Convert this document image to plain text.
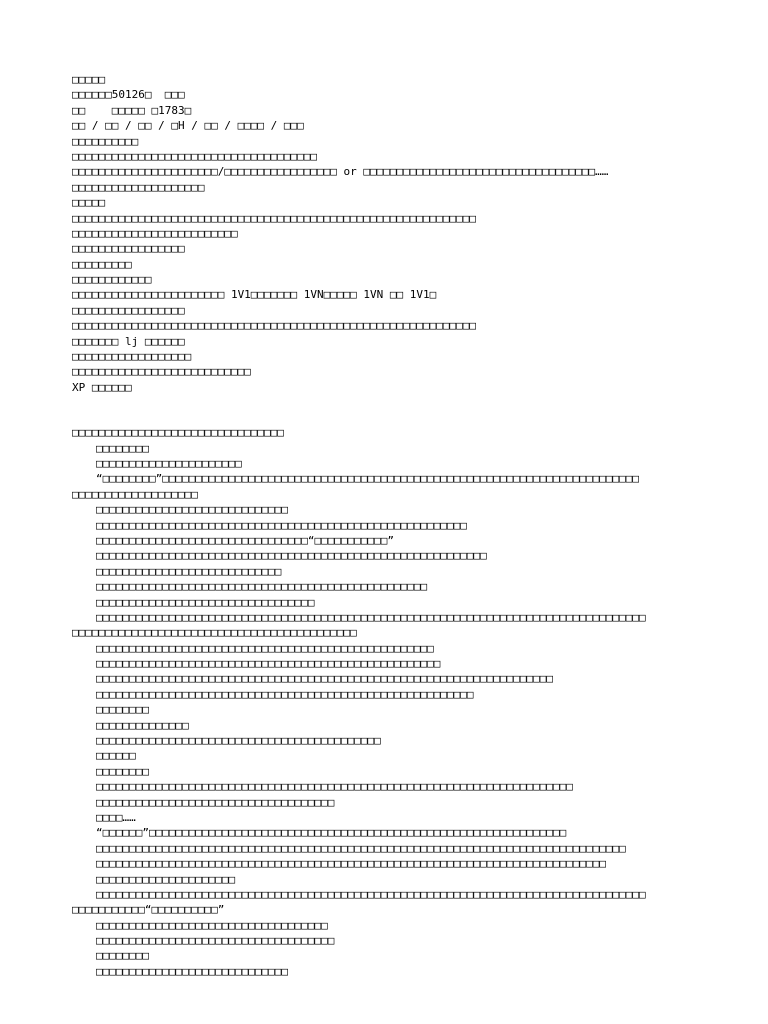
□□□□□
□□□□□□50126□  □□□
□□    □□□□□ □1783□
□□ / □□ / □□ / □H / □□ / □□□□ / □□□
□□□□□□□□□□
□□□□□□□□□□□□□□□□□□□□□□□□□□□□□□□□□□□□□
□□□□□□□□□□□□□□□□□□□□□□/□□□□□□□□□□□□□□□□□ or □□□□□□□□□□□□□□□□□□□□□□□□□□□□□□□□□□□……
□□□□□□□□□□□□□□□□□□□□
□□□□□
□□□□□□□□□□□□□□□□□□□□□□□□□□□□□□□□□□□□□□□□□□□□□□□□□□□□□□□□□□□□□
□□□□□□□□□□□□□□□□□□□□□□□□□
□□□□□□□□□□□□□□□□□
□□□□□□□□□
□□□□□□□□□□□□
□□□□□□□□□□□□□□□□□□□□□□□ 1V1□□□□□□□ 1VN□□□□□ 1VN □□ 1V1□
□□□□□□□□□□□□□□□□□
□□□□□□□□□□□□□□□□□□□□□□□□□□□□□□□□□□□□□□□□□□□□□□□□□□□□□□□□□□□□□
□□□□□□□ lj □□□□□□
□□□□□□□□□□□□□□□□□□
□□□□□□□□□□□□□□□□□□□□□□□□□□□
XP □□□□□□
□□□□□□□□□□□□□□□□□□□□□□□□□□□□□□□□
□□□□□□□□
□□□□□□□□□□□□□□□□□□□□□□
“□□□□□□□□”□□□□□□□□□□□□□□□□□□□□□□□□□□□□□□□□□□□□□□□□□□□□□□□□□□□□□□□□□□□□□□□□□□□□□□□□
□□□□□□□□□□□□□□□□□□□
□□□□□□□□□□□□□□□□□□□□□□□□□□□□□
□□□□□□□□□□□□□□□□□□□□□□□□□□□□□□□□□□□□□□□□□□□□□□□□□□□□□□□□
□□□□□□□□□□□□□□□□□□□□□□□□□□□□□□□□“□□□□□□□□□□□”
□□□□□□□□□□□□□□□□□□□□□□□□□□□□□□□□□□□□□□□□□□□□□□□□□□□□□□□□□□□
□□□□□□□□□□□□□□□□□□□□□□□□□□□□
□□□□□□□□□□□□□□□□□□□□□□□□□□□□□□□□□□□□□□□□□□□□□□□□□□
□□□□□□□□□□□□□□□□□□□□□□□□□□□□□□□□□
□□□□□□□□□□□□□□□□□□□□□□□□□□□□□□□□□□□□□□□□□□□□□□□□□□□□□□□□□□□□□□□□□□□□□□□□□□□□□□□□□□□
□□□□□□□□□□□□□□□□□□□□□□□□□□□□□□□□□□□□□□□□□□□
□□□□□□□□□□□□□□□□□□□□□□□□□□□□□□□□□□□□□□□□□□□□□□□□□□□
□□□□□□□□□□□□□□□□□□□□□□□□□□□□□□□□□□□□□□□□□□□□□□□□□□□□
□□□□□□□□□□□□□□□□□□□□□□□□□□□□□□□□□□□□□□□□□□□□□□□□□□□□□□□□□□□□□□□□□□□□□
□□□□□□□□□□□□□□□□□□□□□□□□□□□□□□□□□□□□□□□□□□□□□□□□□□□□□□□□□
□□□□□□□□
□□□□□□□□□□□□□□
□□□□□□□□□□□□□□□□□□□□□□□□□□□□□□□□□□□□□□□□□□□
□□□□□□
□□□□□□□□
□□□□□□□□□□□□□□□□□□□□□□□□□□□□□□□□□□□□□□□□□□□□□□□□□□□□□□□□□□□□□□□□□□□□□□□□
□□□□□□□□□□□□□□□□□□□□□□□□□□□□□□□□□□□□
□□□□……
“□□□□□□”□□□□□□□□□□□□□□□□□□□□□□□□□□□□□□□□□□□□□□□□□□□□□□□□□□□□□□□□□□□□□□□
□□□□□□□□□□□□□□□□□□□□□□□□□□□□□□□□□□□□□□□□□□□□□□□□□□□□□□□□□□□□□□□□□□□□□□□□□□□□□□□□
□□□□□□□□□□□□□□□□□□□□□□□□□□□□□□□□□□□□□□□□□□□□□□□□□□□□□□□□□□□□□□□□□□□□□□□□□□□□□
□□□□□□□□□□□□□□□□□□□□□
□□□□□□□□□□□□□□□□□□□□□□□□□□□□□□□□□□□□□□□□□□□□□□□□□□□□□□□□□□□□□□□□□□□□□□□□□□□□□□□□□□□
□□□□□□□□□□□“□□□□□□□□□□”
□□□□□□□□□□□□□□□□□□□□□□□□□□□□□□□□□□□
□□□□□□□□□□□□□□□□□□□□□□□□□□□□□□□□□□□□
□□□□□□□□
□□□□□□□□□□□□□□□□□□□□□□□□□□□□□
